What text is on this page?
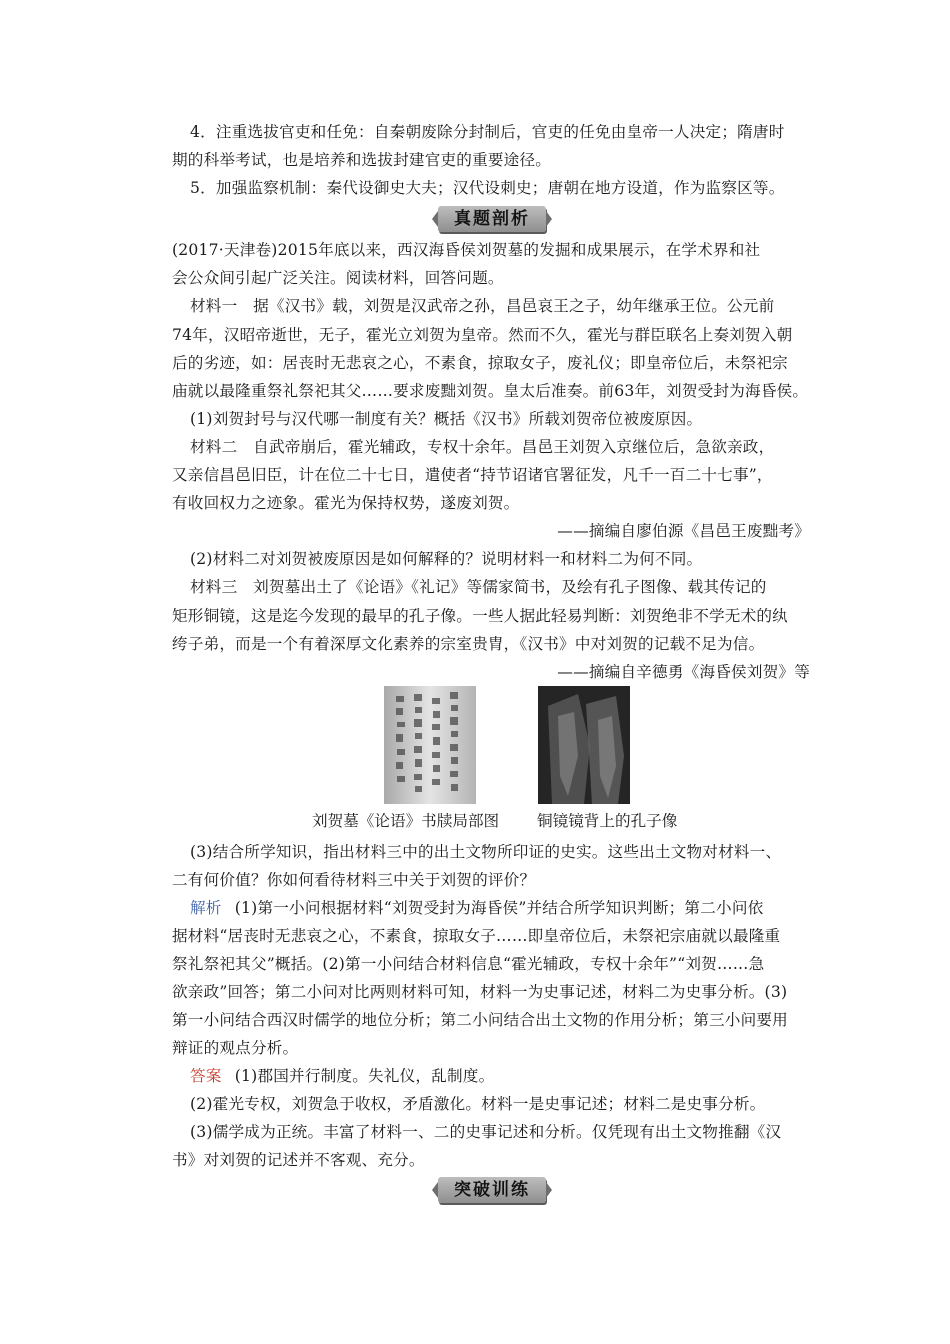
4．注重选拔官吏和任免：自秦朝废除分封制后，官吏的任免由皇帝一人决定；隋唐时
期的科举考试，也是培养和选拔封建官吏的重要途径。
5．加强监察机制：秦代设御史大夫；汉代设刺史；唐朝在地方设道，作为监察区等。
真题剖析
(2017·天津卷)2015年底以来，西汉海昏侯刘贺墓的发掘和成果展示，在学术界和社
会公众间引起广泛关注。阅读材料，回答问题。
材料一　据《汉书》载，刘贺是汉武帝之孙，昌邑哀王之子，幼年继承王位。公元前
74年，汉昭帝逝世，无子，霍光立刘贺为皇帝。然而不久，霍光与群臣联名上奏刘贺入朝
后的劣迹，如：居丧时无悲哀之心，不素食，掠取女子，废礼仪；即皇帝位后，未祭祀宗
庙就以最隆重祭礼祭祀其父……要求废黜刘贺。皇太后准奏。前63年，刘贺受封为海昏侯。
(1)刘贺封号与汉代哪一制度有关？概括《汉书》所载刘贺帝位被废原因。
材料二　自武帝崩后，霍光辅政，专权十余年。昌邑王刘贺入京继位后，急欲亲政，
又亲信昌邑旧臣，计在位二十七日，遣使者“持节诏诸官署征发，凡千一百二十七事”，
有收回权力之迹象。霍光为保持权势，遂废刘贺。
——摘编自廖伯源《昌邑王废黜考》
(2)材料二对刘贺被废原因是如何解释的？说明材料一和材料二为何不同。
材料三　刘贺墓出土了《论语》《礼记》等儒家简书，及绘有孔子图像、载其传记的
矩形铜镜，这是迄今发现的最早的孔子像。一些人据此轻易判断：刘贺绝非不学无术的纨
绔子弟，而是一个有着深厚文化素养的宗室贵胄，《汉书》中对刘贺的记载不足为信。
——摘编自辛德勇《海昏侯刘贺》等
刘贺墓《论语》书牍局部图 铜镜镜背上的孔子像
(3)结合所学知识，指出材料三中的出土文物所印证的史实。这些出土文物对材料一、
二有何价值？你如何看待材料三中关于刘贺的评价？
解析 (1)第一小问根据材料“刘贺受封为海昏侯”并结合所学知识判断；第二小问依
据材料“居丧时无悲哀之心，不素食，掠取女子……即皇帝位后，未祭祀宗庙就以最隆重
祭礼祭祀其父”概括。(2)第一小问结合材料信息“霍光辅政，专权十余年”“刘贺……急
欲亲政”回答；第二小问对比两则材料可知，材料一为史事记述，材料二为史事分析。(3)
第一小问结合西汉时儒学的地位分析；第二小问结合出土文物的作用分析；第三小问要用
辩证的观点分析。
答案 (1)郡国并行制度。失礼仪，乱制度。
(2)霍光专权，刘贺急于收权，矛盾激化。材料一是史事记述；材料二是史事分析。
(3)儒学成为正统。丰富了材料一、二的史事记述和分析。仅凭现有出土文物推翻《汉
书》对刘贺的记述并不客观、充分。
突破训练
